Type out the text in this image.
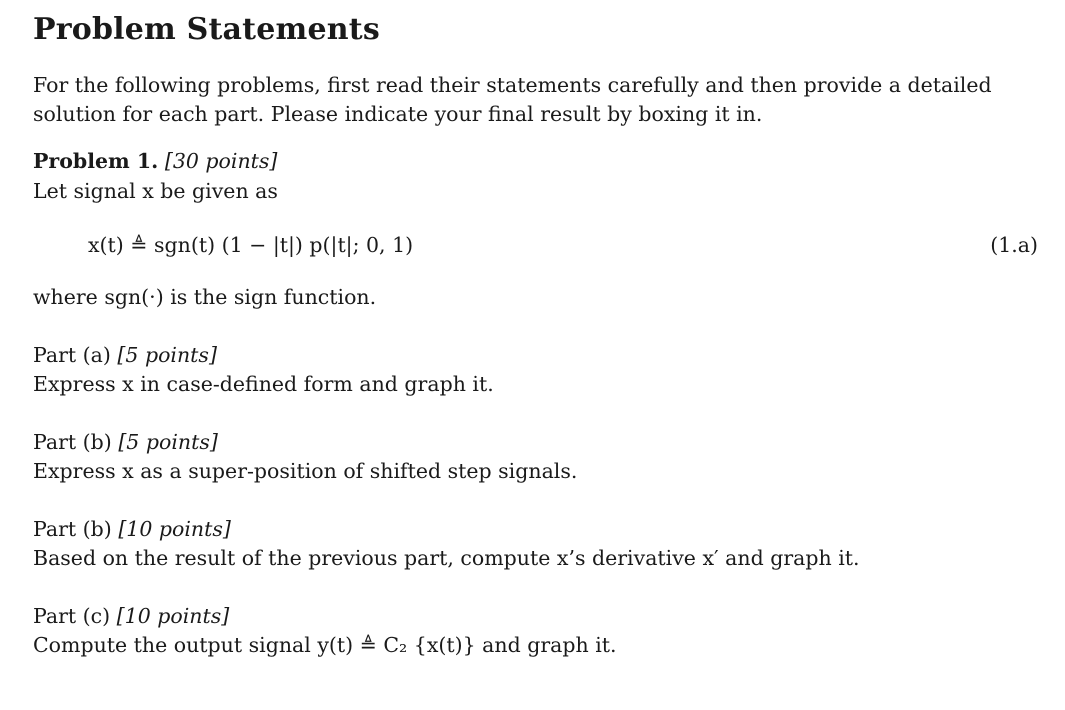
Problem Statements
For the following problems, first read their statements carefully and then provide a detailed solution for each part. Please indicate your final result by boxing it in.
Problem 1. [30 points]
Let signal x be given as
x(t) ≜ sgn(t) (1 − |t|) p(|t|; 0, 1)	(1.a)
where sgn(·) is the sign function.
Part (a) [5 points]
Express x in case-defined form and graph it.
Part (b) [5 points]
Express x as a super-position of shifted step signals.
Part (b) [10 points]
Based on the result of the previous part, compute x’s derivative x′ and graph it.
Part (c) [10 points]
Compute the output signal y(t) ≜ C₂ {x(t)} and graph it.
